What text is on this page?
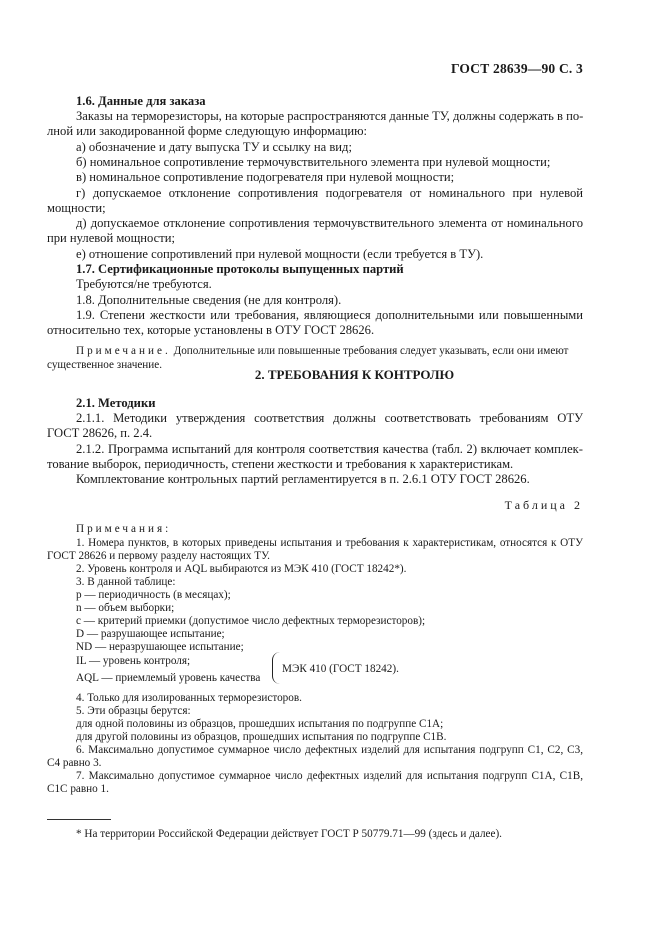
ГОСТ 28639—90 С. 3
1.6. Данные для заказа
Заказы на терморезисторы, на которые распространяются данные ТУ, должны содержать в по-
лной или закодированной форме следующую информацию:
а) обозначение и дату выпуска ТУ и ссылку на вид;
б) номинальное сопротивление термочувствительного элемента при нулевой мощности;
в) номинальное сопротивление подогревателя при нулевой мощности;
г) допускаемое отклонение сопротивления подогревателя от номинального при нулевой
мощности;
д) допускаемое отклонение сопротивления термочувствительного элемента от номинального
при нулевой мощности;
е) отношение сопротивлений при нулевой мощности (если требуется в ТУ).
1.7. Сертификационные протоколы выпущенных партий
Требуются/не требуются.
1.8. Дополнительные сведения (не для контроля).
1.9. Степени жесткости или требования, являющиеся дополнительными или повышенными
относительно тех, которые установлены в ОТУ ГОСТ 28626.
Примечание. Дополнительные или повышенные требования следует указывать, если они имеют
существенное значение.
2. ТРЕБОВАНИЯ К КОНТРОЛЮ
2.1. Методики
2.1.1. Методики утверждения соответствия должны соответствовать требованиям ОТУ
ГОСТ 28626, п. 2.4.
2.1.2. Программа испытаний для контроля соответствия качества (табл. 2) включает комплек-
тование выборок, периодичность, степени жесткости и требования к характеристикам.
Комплектование контрольных партий регламентируется в п. 2.6.1 ОТУ ГОСТ 28626.
Таблица 2
Примечания:
1. Номера пунктов, в которых приведены испытания и требования к характеристикам, относятся к ОТУ
ГОСТ 28626 и первому разделу настоящих ТУ.
2. Уровень контроля и AQL выбираются из МЭК 410 (ГОСТ 18242*).
3. В данной таблице:
р — периодичность (в месяцах);
n — объем выборки;
с — критерий приемки (допустимое число дефектных терморезисторов);
D — разрушающее испытание;
ND — неразрушающее испытание;
IL — уровень контроля;
AQL — приемлемый уровень качества
МЭК 410 (ГОСТ 18242).
4. Только для изолированных терморезисторов.
5. Эти образцы берутся:
для одной половины из образцов, прошедших испытания по подгруппе С1А;
для другой половины из образцов, прошедших испытания по подгруппе С1В.
6. Максимально допустимое суммарное число дефектных изделий для испытания подгрупп С1, С2, С3,
С4 равно 3.
7. Максимально допустимое суммарное число дефектных изделий для испытания подгрупп С1А, С1В,
С1С равно 1.
* На территории Российской Федерации действует ГОСТ Р 50779.71—99 (здесь и далее).
